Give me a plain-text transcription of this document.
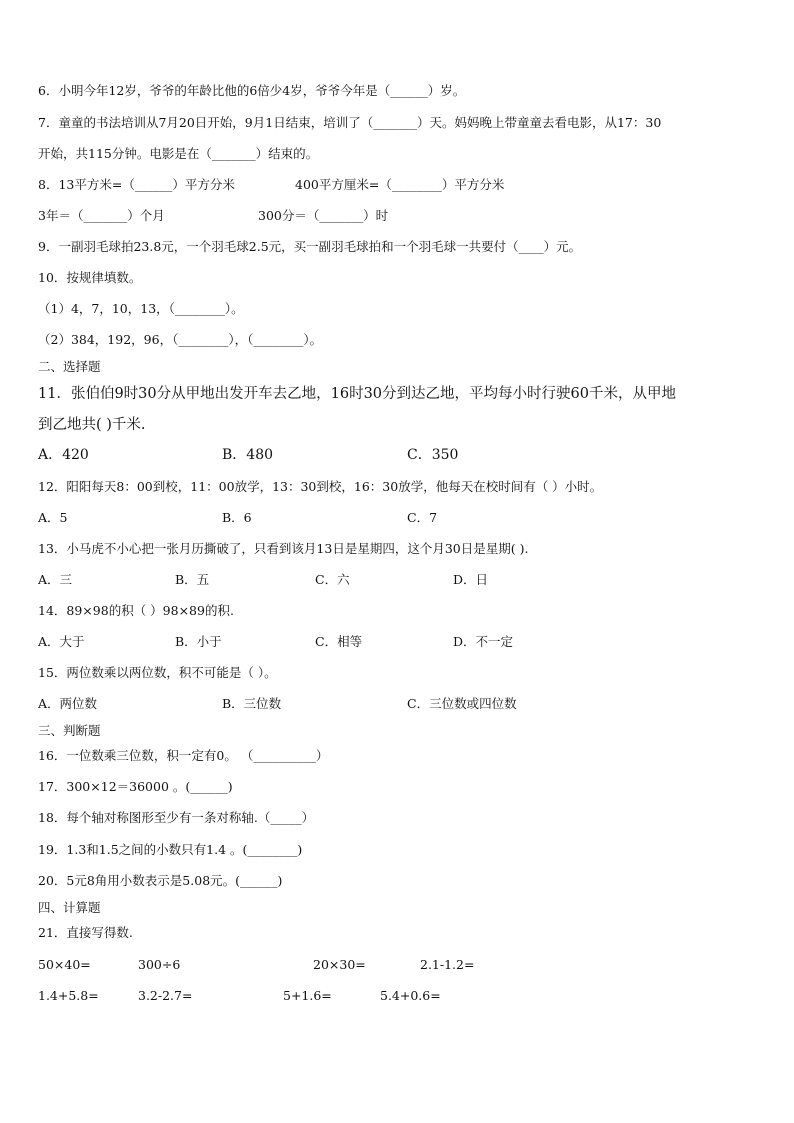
6．小明今年12岁，爷爷的年龄比他的6倍少4岁，爷爷今年是（______）岁。
7．童童的书法培训从7月20日开始，9月1日结束，培训了（_______）天。妈妈晚上带童童去看电影，从17：30
开始，共115分钟。电影是在（_______）结束的。
8．13平方米=（______）平方分米	400平方厘米=（________）平方分米
3年＝（_______）个月	300分＝（_______）时
9．一副羽毛球拍23.8元，一个羽毛球2.5元，买一副羽毛球拍和一个羽毛球一共要付（____）元。
10．按规律填数。
（1）4，7，10，13，（________）。
（2）384，192，96，（________），（________）。
二、选择题
11．张伯伯9时30分从甲地出发开车去乙地，16时30分到达乙地，平均每小时行驶60千米，从甲地
到乙地共( )千米.
A．420	B．480	C．350
12．阳阳每天8：00到校，11：00放学，13：30到校，16：30放学，他每天在校时间有（ ）小时。
A．5	B．6	C．7
13．小马虎不小心把一张月历撕破了，只看到该月13日是星期四，这个月30日是星期( ).
A．三	B．五	C．六	D．日
14．89×98的积（ ）98×89的积.
A．大于	B．小于	C．相等	D．不一定
15．两位数乘以两位数，积不可能是（ ）。
A．两位数	B．三位数	C．三位数或四位数
三、判断题
16．一位数乘三位数，积一定有0。 （__________）
17．300×12＝36000 。(______)
18．每个轴对称图形至少有一条对称轴.（_____）
19．1.3和1.5之间的小数只有1.4 。(________)
20．5元8角用小数表示是5.08元。(______)
四、计算题
21．直接写得数.
50×40=	300÷6	20×30=	2.1-1.2=
1.4+5.8=	3.2-2.7=	5+1.6=	5.4+0.6=
